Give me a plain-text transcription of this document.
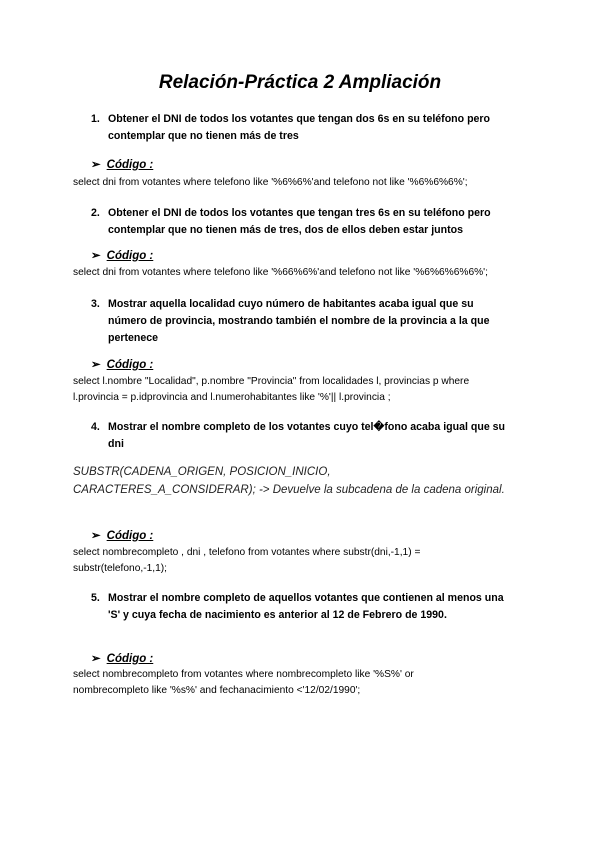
Relación-Práctica 2 Ampliación
1. Obtener el DNI de todos los votantes que tengan dos 6s en su teléfono pero
contemplar que no tienen más de tres
➢ Código :
select dni from votantes where telefono like '%6%6%'and telefono not like '%6%6%6%';
2. Obtener el DNI de todos los votantes que tengan tres 6s en su teléfono pero
contemplar que no tienen más de tres, dos de ellos deben estar juntos
➢ Código :
select dni from votantes where telefono like '%66%6%'and telefono not like '%6%6%6%6%';
3. Mostrar aquella localidad cuyo número de habitantes acaba igual que su
número de provincia, mostrando también el nombre de la provincia a la que
pertenece
➢ Código :
select l.nombre "Localidad", p.nombre "Provincia" from localidades l, provincias p where
l.provincia = p.idprovincia and l.numerohabitantes like '%'|| l.provincia ;
4. Mostrar el nombre completo de los votantes cuyo tel�fono acaba igual que su
dni
SUBSTR(CADENA_ORIGEN, POSICION_INICIO,
CARACTERES_A_CONSIDERAR); -> Devuelve la subcadena de la cadena original.
➢ Código :
select nombrecompleto , dni , telefono from votantes where substr(dni,-1,1) =
substr(telefono,-1,1);
5. Mostrar el nombre completo de aquellos votantes que contienen al menos una
'S' y cuya fecha de nacimiento es anterior al 12 de Febrero de 1990.
➢ Código :
select nombrecompleto from votantes where nombrecompleto like '%S%' or
nombrecompleto like '%s%' and fechanacimiento <'12/02/1990';
